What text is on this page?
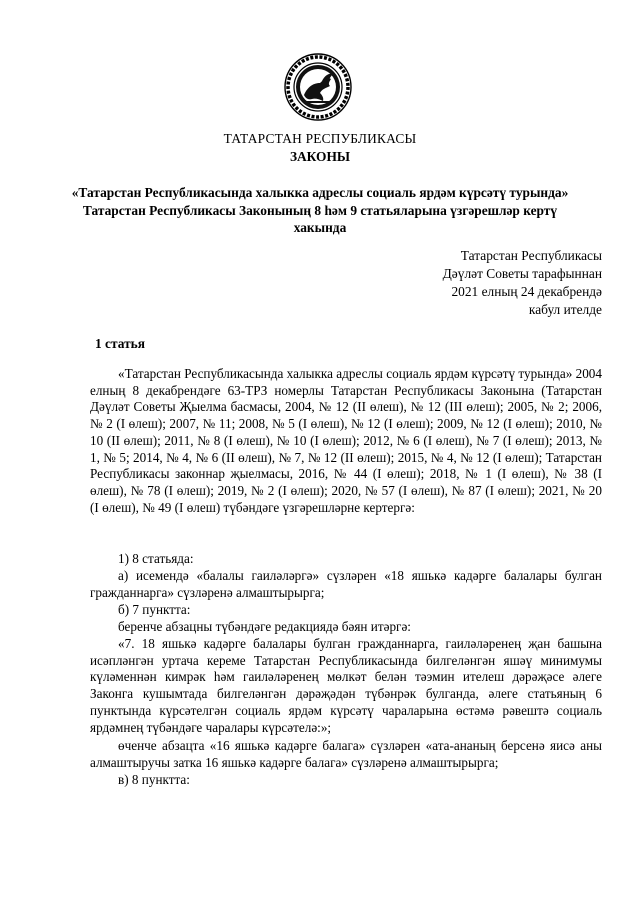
ТАТАРСТАН РЕСПУБЛИКАСЫ
ЗАКОНЫ
«Татарстан Республикасында халыкка адреслы социаль ярдәм күрсәтү турында» Татарстан Республикасы Законының 8 һәм 9 статьяларына үзгәрешләр кертү хакында
Татарстан Республикасы
Дәүләт Советы тарафыннан
2021 елның 24 декабрендә
кабул ителде
1 статья

«Татарстан Республикасында халыкка адреслы социаль ярдәм күрсәтү турында» 2004 елның 8 декабрендәге 63-ТРЗ номерлы Татарстан Республикасы Законына (Татарстан Дәүләт Советы Җыелма басмасы, 2004, № 12 (II өлеш), № 12 (III өлеш); 2005, № 2; 2006, № 2 (I өлеш); 2007, № 11; 2008, № 5 (I өлеш), № 12 (I өлеш); 2009, № 12 (I өлеш); 2010, № 10 (II өлеш); 2011, № 8 (I өлеш), № 10 (I өлеш); 2012, № 6 (I өлеш), № 7 (I өлеш); 2013, № 1, № 5; 2014, № 4, № 6 (II өлеш), № 7, № 12 (II өлеш); 2015, № 4, № 12 (I өлеш); Татарстан Республикасы законнар җыелмасы, 2016, № 44 (I өлеш); 2018, № 1 (I өлеш), № 38 (I өлеш), № 78 (I өлеш); 2019, № 2 (I өлеш); 2020, № 57 (I өлеш), № 87 (I өлеш); 2021, № 20 (I өлеш), № 49 (I өлеш) түбәндәге үзгәрешләрне кертергә:

1) 8 статьяда:

а) исемендә «балалы гаиләләргә» сүзләрен «18 яшькә кадәрге балалары булган гражданнарга» сүзләренә алмаштырырга;

б) 7 пунктта:

беренче абзацны түбәндәге редакциядә бәян итәргә:

«7. 18 яшькә кадәрге балалары булган гражданнарга, гаиләләренең җан башына исәпләнгән уртача кереме Татарстан Республикасында билгеләнгән яшәү минимумы күләменнән кимрәк һәм гаиләләренең мөлкәт белән тәэмин ителеш дәрәҗәсе әлеге Законга кушымтада билгеләнгән дәрәҗәдән түбәнрәк булганда, әлеге статьяның 6 пунктында күрсәтелгән социаль ярдәм күрсәтү чараларына өстәмә рәвештә социаль ярдәмнең түбәндәге чаралары күрсәтелә:»;

өченче абзацта «16 яшькә кадәрге балага» сүзләрен «ата-ананың берсенә яисә аны алмаштыручы затка 16 яшькә кадәрге балага» сүзләренә алмаштырырга;

в) 8 пунктта:
